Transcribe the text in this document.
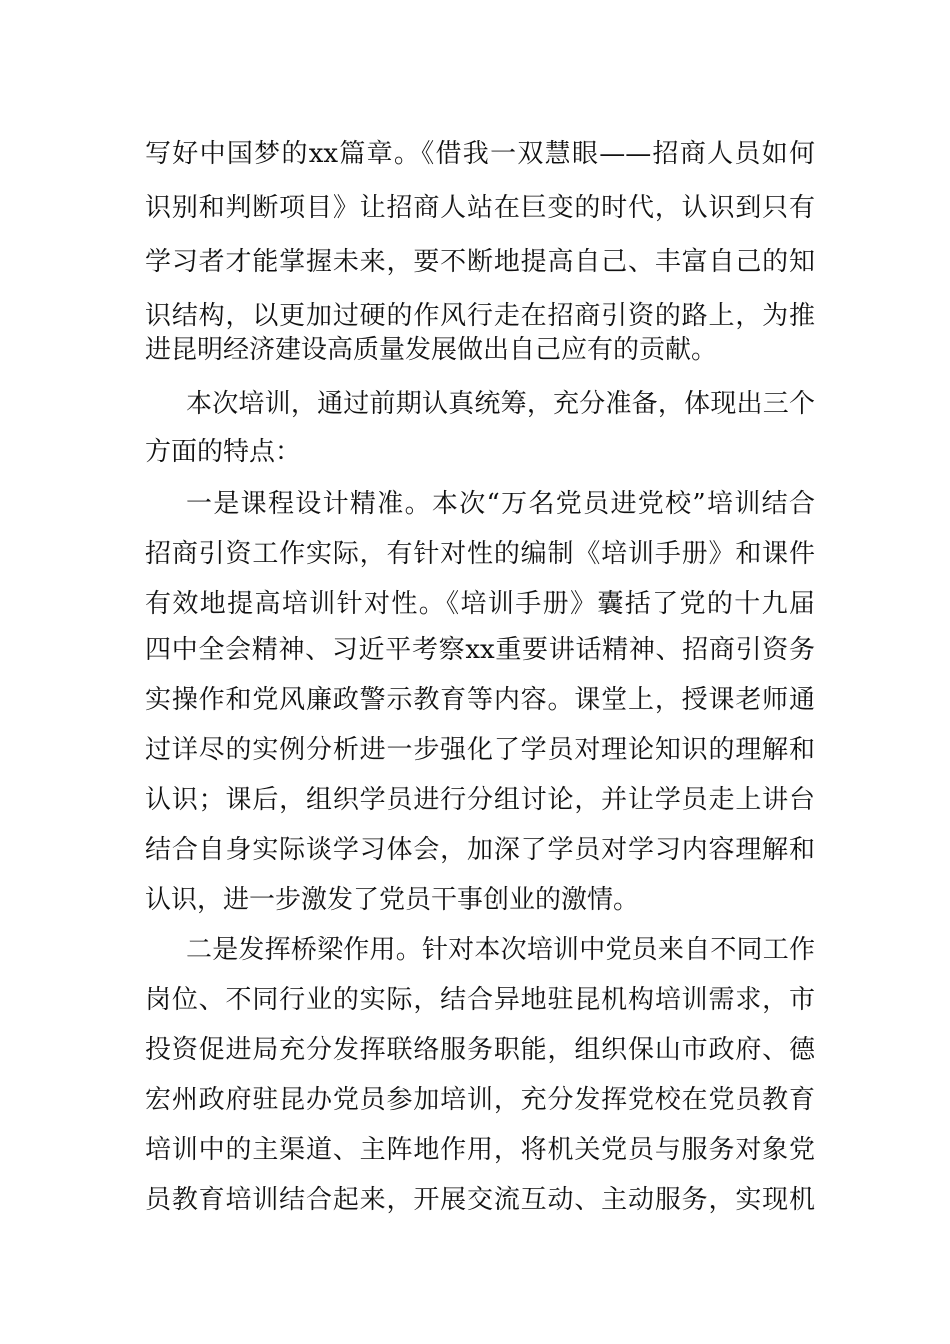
写好中国梦的xx篇章。《借我一双慧眼——招商人员如何
识别和判断项目》让招商人站在巨变的时代，认识到只有
学习者才能掌握未来，要不断地提高自己、丰富自己的知
识结构，以更加过硬的作风行走在招商引资的路上，为推
进昆明经济建设高质量发展做出自己应有的贡献。
本次培训，通过前期认真统筹，充分准备，体现出三个
方面的特点：
一是课程设计精准。本次“万名党员进党校”培训结合
招商引资工作实际，有针对性的编制《培训手册》和课件
有效地提高培训针对性。《培训手册》囊括了党的十九届
四中全会精神、习近平考察xx重要讲话精神、招商引资务
实操作和党风廉政警示教育等内容。课堂上，授课老师通
过详尽的实例分析进一步强化了学员对理论知识的理解和
认识；课后，组织学员进行分组讨论，并让学员走上讲台
结合自身实际谈学习体会，加深了学员对学习内容理解和
认识，进一步激发了党员干事创业的激情。
二是发挥桥梁作用。针对本次培训中党员来自不同工作
岗位、不同行业的实际，结合异地驻昆机构培训需求，市
投资促进局充分发挥联络服务职能，组织保山市政府、德
宏州政府驻昆办党员参加培训，充分发挥党校在党员教育
培训中的主渠道、主阵地作用，将机关党员与服务对象党
员教育培训结合起来，开展交流互动、主动服务，实现机
